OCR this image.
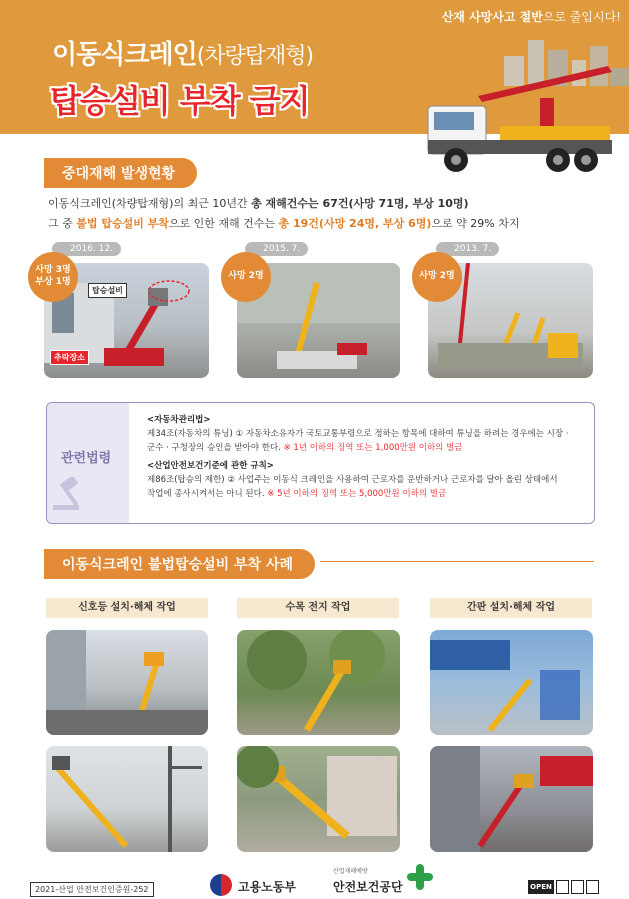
산재 사망사고 절반으로 줄입시다!
이동식크레인(차량탑재형)
탑승설비 부착 금지
중대재해 발생현황
이동식크레인(차량탑재형)의 최근 10년간 총 재해건수는 67건(사망 71명, 부상 10명)
그 중 불법 탑승설비 부착으로 인한 재해 건수는 총 19건(사망 24명, 부상 6명)으로 약 29% 차지
2016. 12.
사망 3명
부상 1명
탑승설비
추락장소
2015. 7.
사망 2명
2013. 7.
사망 2명
관련법령
<자동차관리법>
제34조(자동차의 튜닝) ① 자동차소유자가 국토교통부령으로 정하는 항목에 대하여 튜닝을 하려는 경우에는 시장 ·
군수 · 구청장의 승인을 받아야 한다. ※ 1년 이하의 징역 또는 1,000만원 이하의 벌금
<산업안전보건기준에 관한 규칙>
제86조(탑승의 제한) ② 사업주는 이동식 크레인을 사용하여 근로자를 운반하거나 근로자를 달아 올린 상태에서
작업에 종사시켜서는 아니 된다. ※ 5년 이하의 징역 또는 5,000만원 이하의 벌금
이동식크레인 불법탑승설비 부착 사례
신호등 설치·해체 작업	수목 전지 작업	간판 설치·해체 작업
2021-산업 안전보건인증원-252	고용노동부
산업재해예방
안전보건공단	OPEN
